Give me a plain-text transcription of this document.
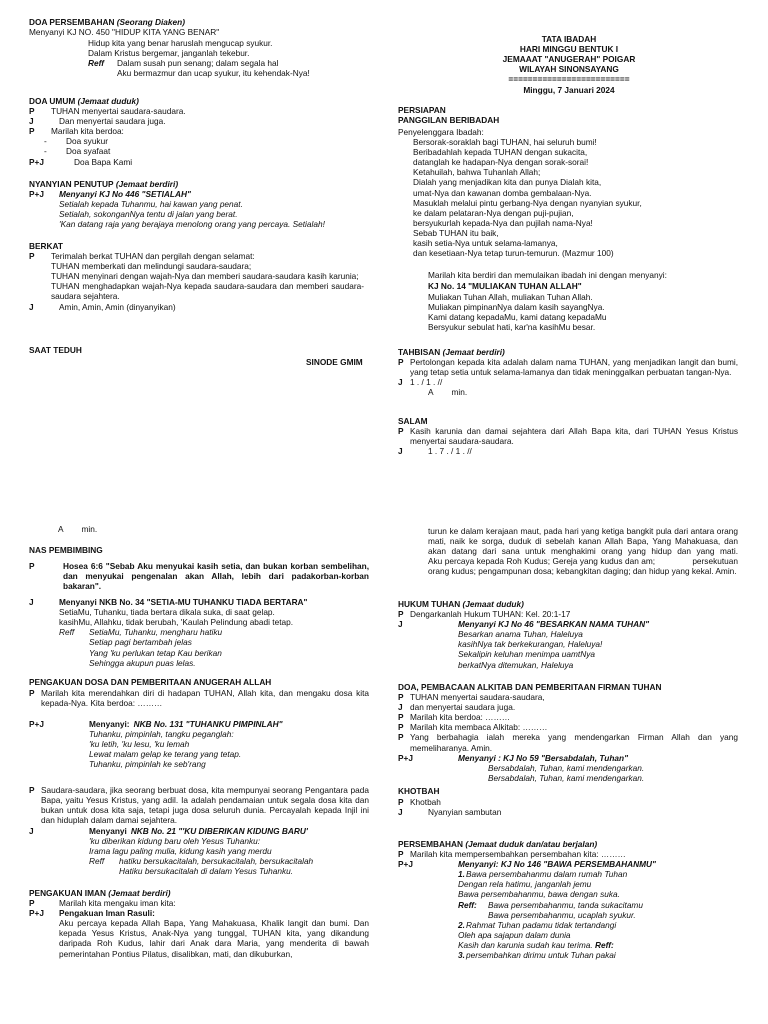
DOA PERSEMBAHAN (Seorang Diaken)
Menyanyi KJ NO. 450 "HIDUP KITA YANG BENAR"
Hidup kita yang benar haruslah mengucap syukur.
Dalam Kristus bergemar, janganlah tekebur.
Reff Dalam susah pun senang; dalam segala hal
Aku bermazmur dan ucap syukur, itu kehendak-Nya!
DOA UMUM (Jemaat duduk)
P	TUHAN menyertai saudara-saudara.
J	Dan menyertai saudara juga.
P	Marilah kita berdoa:
-	Doa syukur
-	Doa syafaat
P+J	Doa Bapa Kami
NYANYIAN PENUTUP (Jemaat berdiri)
P+J	Menyanyi KJ No 446 "SETIALAH"
Setialah kepada Tuhanmu, hai kawan yang penat.
Setialah, sokonganNya tentu di jalan yang berat.
'Kan datang raja yang berajaya menolong orang yang percaya. Setialah!
BERKAT
P	Terimalah berkat TUHAN dan pergilah dengan selamat:
TUHAN memberkati dan melindungi saudara-saudara;
TUHAN menyinari dengan wajah-Nya dan memberi saudara-saudara kasih karunia;
TUHAN menghadapkan wajah-Nya kepada saudara-saudara dan memberi saudara-saudara sejahtera.
J	Amin, Amin, Amin (dinyanyikan)
SAAT TEDUH
SINODE GMIM
TATA IBADAH
HARI MINGGU BENTUK I
JEMAAAT "ANUGERAH" POIGAR
WILAYAH SINONSAYANG
=========================
Minggu, 7 Januari 2024
PERSIAPAN
PANGGILAN BERIBADAH
Penyelenggara Ibadah:
Bersorak-soraklah bagi TUHAN, hai seluruh bumi!
Beribadahlah kepada TUHAN dengan sukacita,
datanglah ke hadapan-Nya dengan sorak-sorai!
Ketahuilah, bahwa Tuhanlah Allah;
Dialah yang menjadikan kita dan punya Dialah kita,
umat-Nya dan kawanan domba gembalaan-Nya.
Masuklah melalui pintu gerbang-Nya dengan nyanyian syukur,
ke dalam pelataran-Nya dengan puji-pujian,
bersyukurlah kepada-Nya dan pujilah nama-Nya!
Sebab TUHAN itu baik,
kasih setia-Nya untuk selama-lamanya,
dan kesetiaan-Nya tetap turun-temurun. (Mazmur 100)
Marilah kita berdiri dan memulaikan ibadah ini dengan menyanyi:
KJ No. 14 "MULIAKAN TUHAN ALLAH"
Muliakan Tuhan Allah, muliakan Tuhan Allah.
Muliakan pimpinanNya dalam kasih sayangNya.
Kami datang kepadaMu, kami datang kepadaMu
Bersyukur sebulat hati, kar'na kasihMu besar.
TAHBISAN (Jemaat berdiri)
P Pertolongan kepada kita adalah dalam nama TUHAN, yang menjadikan langit dan bumi, yang tetap setia untuk selama-lamanya dan tidak meninggalkan perbuatan tangan-Nya.
J 1 . / 1 . //
A        min.
SALAM
P Kasih karunia dan damai sejahtera dari Allah Bapa kita, dari TUHAN Yesus Kristus menyertai saudara-saudara.
J	1 . 7 . / 1 . //
A        min.
NAS PEMBIMBING
P	Hosea 6:6 "Sebab Aku menyukai kasih setia, dan bukan korban sembelihan, dan menyukai pengenalan akan Allah, lebih dari padakorban-korban bakaran".
J	Menyanyi NKB No. 34 "SETIA-MU TUHANKU TIADA BERTARA"
SetiaMu, Tuhanku, tiada bertara dikala suka, di saat gelap.
kasihMu, Allahku, tidak berubah, 'Kaulah Pelindung abadi tetap.
Reff	SetiaMu, Tuhanku, mengharu hatiku
Setiap pagi bertambah jelas
Yang 'ku perlukan tetap Kau berikan
Sehingga akupun puas lelas.
PENGAKUAN DOSA DAN PEMBERITAAN ANUGERAH ALLAH
P Marilah kita merendahkan diri di hadapan TUHAN, Allah kita, dan mengaku dosa kita kepada-Nya. Kita berdoa: ………
P+J	Menyanyi: NKB No. 131 "TUHANKU PIMPINLAH"
Tuhanku, pimpinlah, tangku peganglah:
'ku letih, 'ku lesu, 'ku lemah
Lewat malam gelap ke terang yang tetap.
Tuhanku, pimpinlah ke seb'rang
P Saudara-saudara, jika seorang berbuat dosa, kita mempunyai seorang Pengantara pada Bapa, yaitu Yesus Kristus, yang adil. Ia adalah pendamaian untuk segala dosa kita dan bukan untuk dosa kita saja, tetapi juga dosa seluruh dunia. Percayalah kepada Injil ini dan hiduplah dalam damai sejahtera.
J	Menyanyi NKB No. 21 "'KU DIBERIKAN KIDUNG BARU'
'ku diberikan kidung baru oleh Yesus Tuhanku:
Irama lagu paling mulia, kidung kasih yang merdu
Reff	hatiku bersukacitalah, bersukacitalah, bersukacitalah
Hatiku bersukacitalah di dalam Yesus Tuhanku.
PENGAKUAN IMAN (Jemaat berdiri)
P	Marilah kita mengaku iman kita:
P+J	Pengakuan Iman Rasuli:
Aku percaya kepada Allah Bapa, Yang Mahakuasa, Khalik langit dan bumi. Dan kepada Yesus Kristus, Anak-Nya yang tunggal, TUHAN kita, yang dikandung daripada Roh Kudus, lahir dari Anak dara Maria, yang menderita di bawah pemerintahan Pontius Pilatus, disalibkan, mati, dan dikuburkan,
turun ke dalam kerajaan maut, pada hari yang ketiga bangkit pula dari antara orang mati, naik ke sorga, duduk di sebelah kanan Allah Bapa, Yang Mahakuasa, dan akan datang dari sana untuk menghakimi orang yang hidup dan yang mati.            Aku percaya kepada Roh Kudus; Gereja yang kudus dan am;               persekutuan orang kudus; pengampunan dosa; kebangkitan daging; dan hidup yang kekal. Amin.
HUKUM TUHAN (Jemaat duduk)
P Dengarkanlah Hukum TUHAN: Kel. 20:1-17
J	Menyanyi KJ No 46 "BESARKAN NAMA TUHAN"
Besarkan anama Tuhan, Haleluya
kasihNya tak berkekurangan, Haleluya!
Sekalipin keluhan menimpa uamtNya
berkatNya ditemukan, Haleluya
DOA, PEMBACAAN ALKITAB DAN PEMBERITAAN FIRMAN TUHAN
P TUHAN menyertai saudara-saudara,
J dan menyertai saudara juga.
P Marilah kita berdoa: ………
P Marilah kita membaca Alkitab: ………
P Yang berbahagia ialah mereka yang mendengarkan Firman Allah dan yang memeliharanya. Amin.
P+J	Menyanyi : KJ No 59 "Bersabdalah, Tuhan"
Bersabdalah, Tuhan, kami mendengarkan.
Bersabdalah, Tuhan, kami mendengarkan.
KHOTBAH
P Khotbah
J	Nyanyian sambutan
PERSEMBAHAN (Jemaat duduk dan/atau berjalan)
P Marilah kita mempersembahkan persembahan kita: ………
P+J	Menyanyi: KJ No 146 "BAWA PERSEMBAHANMU"
1. Bawa persembahanmu dalam rumah Tuhan
Dengan rela hatimu, janganlah jemu
Bawa persembahanmu, bawa dengan suka.
Reff:	Bawa persembahanmu, tanda sukacitamu
Bawa persembahanmu, ucaplah syukur.
2. Rahmat Tuhan padamu tidak tertandangi
Oleh apa sajapun dalam dunia
Kasih dan karunia sudah kau terima. Reff:
3. persembahkan dirimu untuk Tuhan pakai
